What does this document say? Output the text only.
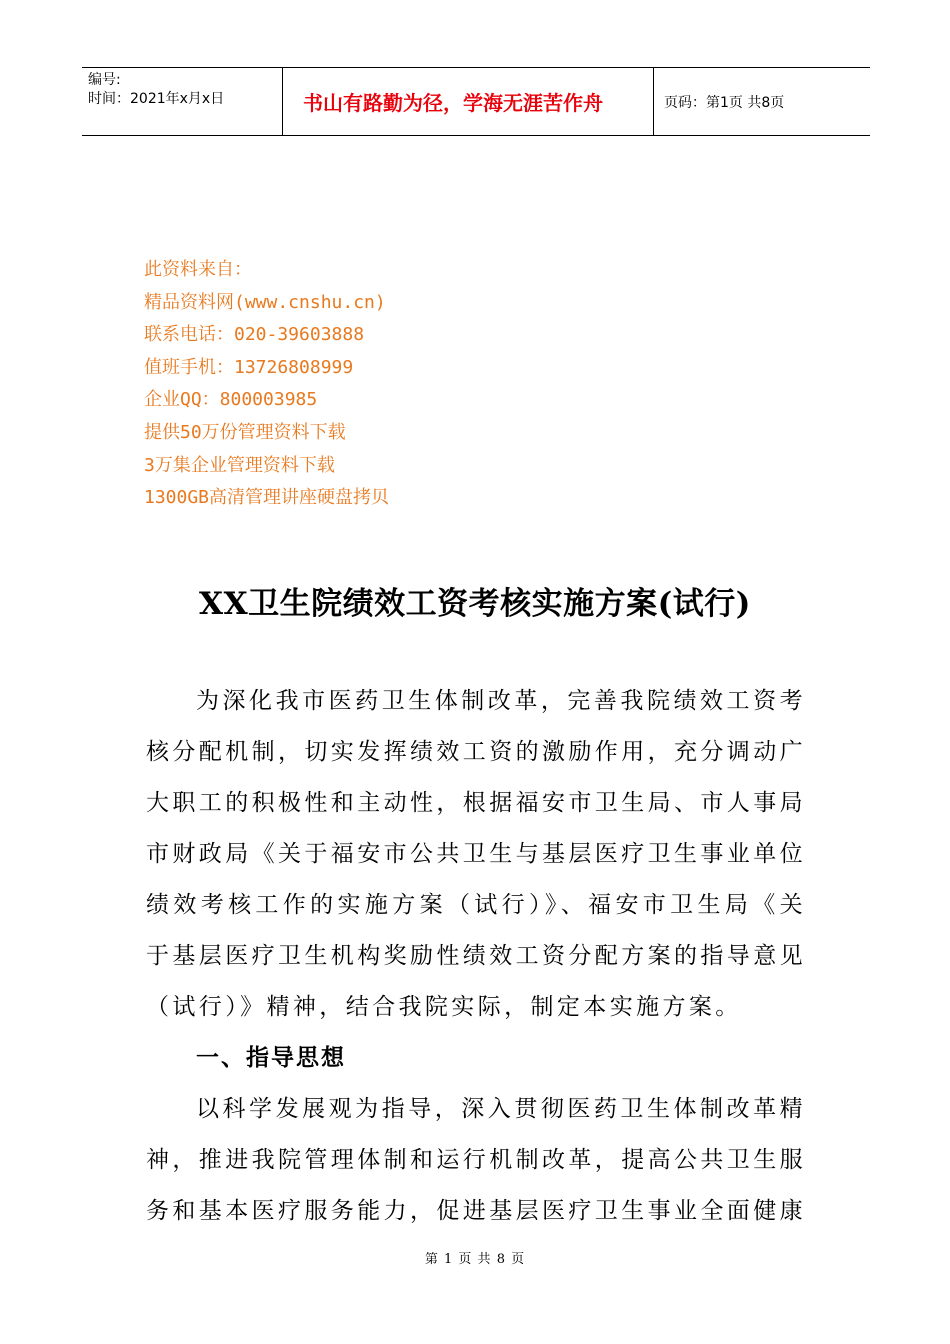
编号:
时间：2021年x月x日	书山有路勤为径，学海无涯苦作舟	页码：第1页 共8页
此资料来自：
精品资料网(www.cnshu.cn)
联系电话：020-39603888
值班手机：13726808999
企业QQ：800003985
提供50万份管理资料下载
3万集企业管理资料下载
1300GB高清管理讲座硬盘拷贝
XX卫生院绩效工资考核实施方案(试行)

为深化我市医药卫生体制改革，完善我院绩效工资考核分配机制，切实发挥绩效工资的激励作用，充分调动广大职工的积极性和主动性，根据福安市卫生局、市人事局市财政局《关于福安市公共卫生与基层医疗卫生事业单位绩效考核工作的实施方案（试行）》、福安市卫生局《关于基层医疗卫生机构奖励性绩效工资分配方案的指导意见（试行）》精神，结合我院实际，制定本实施方案。

一、指导思想

以科学发展观为指导，深入贯彻医药卫生体制改革精神，推进我院管理体制和运行机制改革，提高公共卫生服务和基本医疗服务能力，促进基层医疗卫生事业全面健康

第 1 页 共 8 页
